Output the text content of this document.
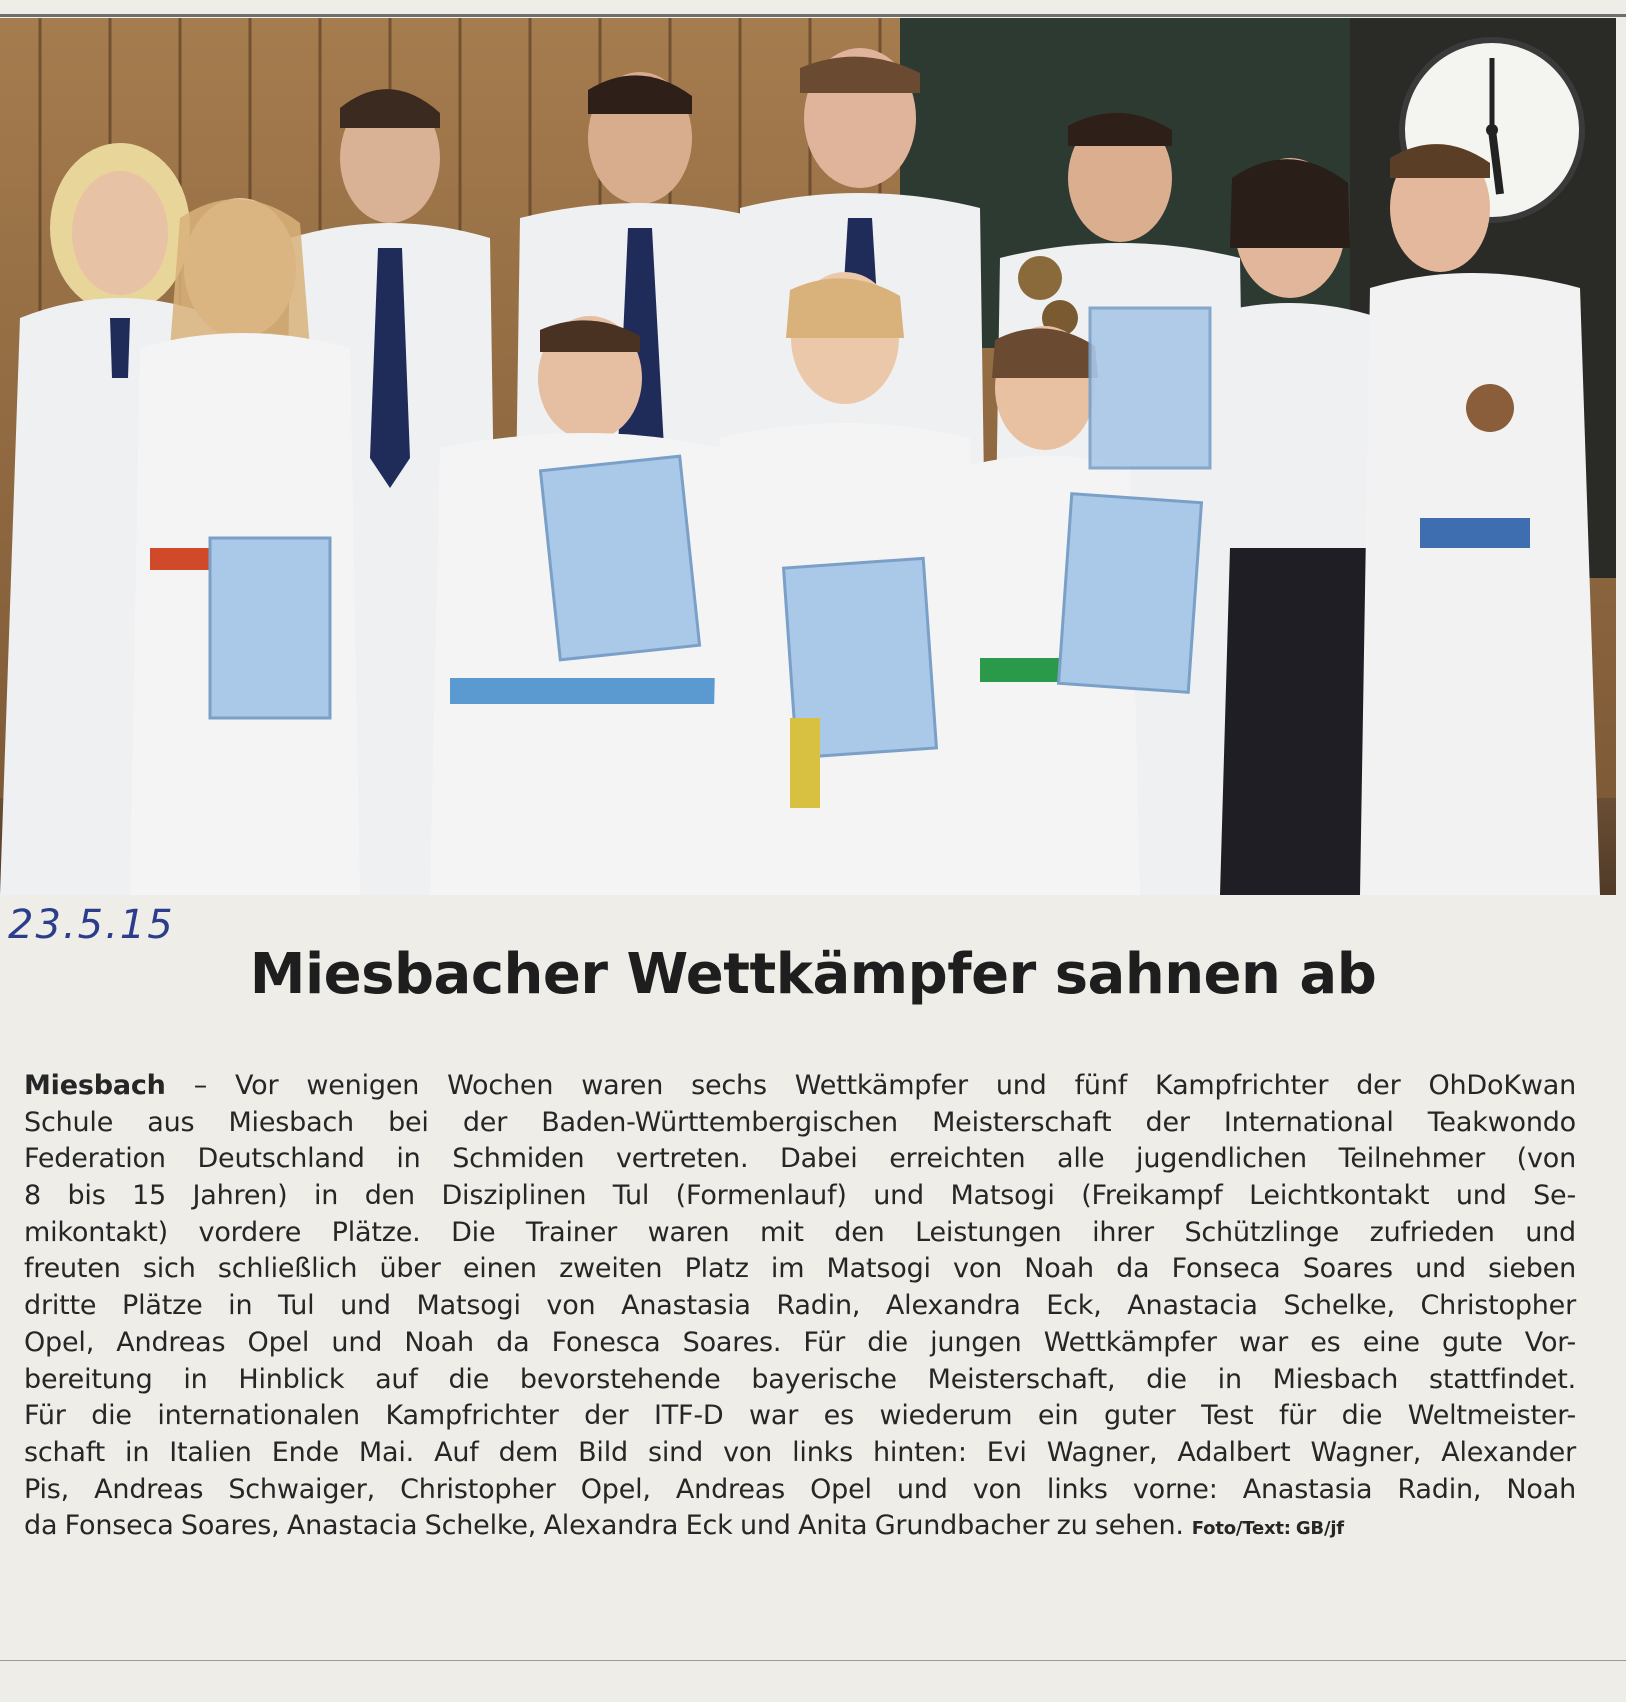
23.5.15
Miesbacher Wettkämpfer sahnen ab
Miesbach – Vor wenigen Wochen waren sechs Wettkämpfer und fünf Kampfrichter der OhDoKwan
Schule aus Miesbach bei der Baden-Württembergischen Meisterschaft der International Teakwondo
Federation Deutschland in Schmiden vertreten. Dabei erreichten alle jugendlichen Teilnehmer (von
8 bis 15 Jahren) in den Disziplinen Tul (Formenlauf) und Matsogi (Freikampf Leichtkontakt und Se-
mikontakt) vordere Plätze. Die Trainer waren mit den Leistungen ihrer Schützlinge zufrieden und
freuten sich schließlich über einen zweiten Platz im Matsogi von Noah da Fonseca Soares und sieben
dritte Plätze in Tul und Matsogi von Anastasia Radin, Alexandra Eck, Anastacia Schelke, Christopher
Opel, Andreas Opel und Noah da Fonesca Soares. Für die jungen Wettkämpfer war es eine gute Vor-
bereitung in Hinblick auf die bevorstehende bayerische Meisterschaft, die in Miesbach stattfindet.
Für die internationalen Kampfrichter der ITF-D war es wiederum ein guter Test für die Weltmeister-
schaft in Italien Ende Mai. Auf dem Bild sind von links hinten: Evi Wagner, Adalbert Wagner, Alexander
Pis, Andreas Schwaiger, Christopher Opel, Andreas Opel und von links vorne: Anastasia Radin, Noah
da Fonseca Soares, Anastacia Schelke, Alexandra Eck und Anita Grundbacher zu sehen. Foto/Text: GB/jf
